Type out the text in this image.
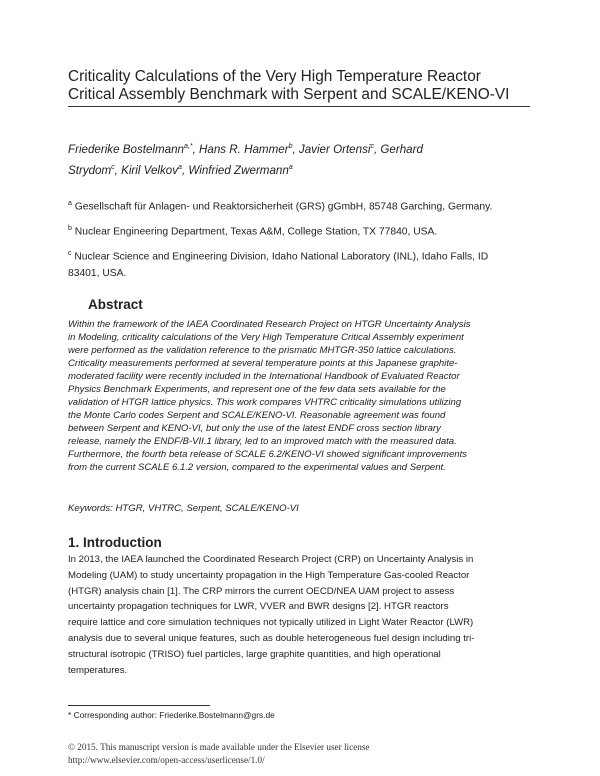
Criticality Calculations of the Very High Temperature Reactor
Critical Assembly Benchmark with Serpent and SCALE/KENO-VI
Friederike Bostelmann$^{a,*}$, Hans R. Hammer$^b$, Javier Ortensi$^c$, Gerhard
Strydom$^c$, Kiril Velkov$^a$, Winfried Zwermann$^a$
$^a$ Gesellschaft für Anlagen- und Reaktorsicherheit (GRS) gGmbH, 85748 Garching, Germany.
$^b$ Nuclear Engineering Department, Texas A&M, College Station, TX 77840, USA.
$^c$ Nuclear Science and Engineering Division, Idaho National Laboratory (INL), Idaho Falls, ID
83401, USA.
Abstract
Within the framework of the IAEA Coordinated Research Project on HTGR Uncertainty Analysis
in Modeling, criticality calculations of the Very High Temperature Critical Assembly experiment
were performed as the validation reference to the prismatic MHTGR-350 lattice calculations.
Criticality measurements performed at several temperature points at this Japanese graphite-
moderated facility were recently included in the International Handbook of Evaluated Reactor
Physics Benchmark Experiments, and represent one of the few data sets available for the
validation of HTGR lattice physics. This work compares VHTRC criticality simulations utilizing
the Monte Carlo codes Serpent and SCALE/KENO-VI. Reasonable agreement was found
between Serpent and KENO-VI, but only the use of the latest ENDF cross section library
release, namely the ENDF/B-VII.1 library, led to an improved match with the measured data.
Furthermore, the fourth beta release of SCALE 6.2/KENO-VI showed significant improvements
from the current SCALE 6.1.2 version, compared to the experimental values and Serpent.
Keywords: HTGR, VHTRC, Serpent, SCALE/KENO-VI
1. Introduction
In 2013, the IAEA launched the Coordinated Research Project (CRP) on Uncertainty Analysis in
Modeling (UAM) to study uncertainty propagation in the High Temperature Gas-cooled Reactor
(HTGR) analysis chain [1]. The CRP mirrors the current OECD/NEA UAM project to assess
uncertainty propagation techniques for LWR, VVER and BWR designs [2]. HTGR reactors
require lattice and core simulation techniques not typically utilized in Light Water Reactor (LWR)
analysis due to several unique features, such as double heterogeneous fuel design including tri-
structural isotropic (TRISO) fuel particles, large graphite quantities, and high operational
temperatures.
* Corresponding author: Friederike.Bostelmann@grs.de
© 2015. This manuscript version is made available under the Elsevier user license
http://www.elsevier.com/open-access/userlicense/1.0/
